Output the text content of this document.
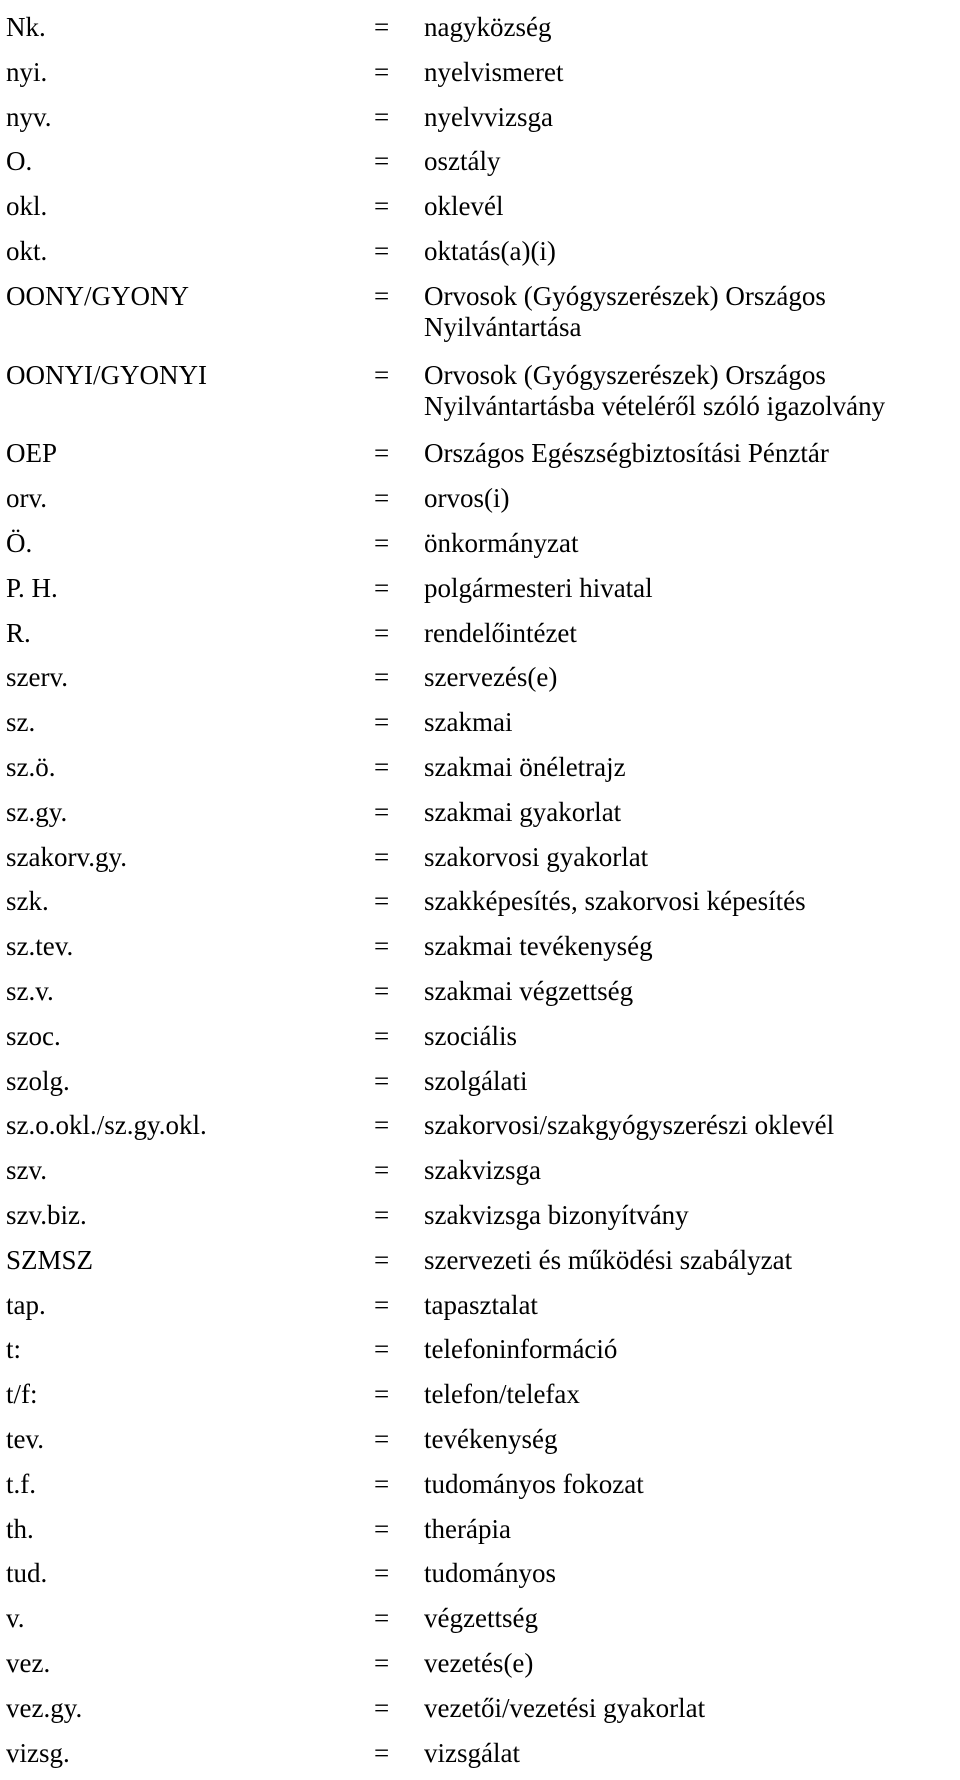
Nk.	= nagyközség
nyi.	= nyelvismeret
nyv.	= nyelvvizsga
O.	= osztály
okl.	= oklevél
okt.	= oktatás(a)(i)
OONY/GYONY	= Orvosok (Gyógyszerészek) Országos
Nyilvántartása
OONYI/GYONYI	= Orvosok (Gyógyszerészek) Országos
Nyilvántartásba vételéről szóló igazolvány
OEP	= Országos Egészségbiztosítási Pénztár
orv.	= orvos(i)
Ö.	= önkormányzat
P. H.	= polgármesteri hivatal
R.	= rendelőintézet
szerv.	= szervezés(e)
sz.	= szakmai
sz.ö.	= szakmai önéletrajz
sz.gy.	= szakmai gyakorlat
szakorv.gy.	= szakorvosi gyakorlat
szk.	= szakképesítés, szakorvosi képesítés
sz.tev.	= szakmai tevékenység
sz.v.	= szakmai végzettség
szoc.	= szociális
szolg.	= szolgálati
sz.o.okl./sz.gy.okl.	= szakorvosi/szakgyógyszerészi oklevél
szv.	= szakvizsga
szv.biz.	= szakvizsga bizonyítvány
SZMSZ	= szervezeti és működési szabályzat
tap.	= tapasztalat
t:	= telefoninformáció
t/f:	= telefon/telefax
tev.	= tevékenység
t.f.	= tudományos fokozat
th.	= therápia
tud.	= tudományos
v.	= végzettség
vez.	= vezetés(e)
vez.gy.	= vezetői/vezetési gyakorlat
vizsg.	= vizsgálat
